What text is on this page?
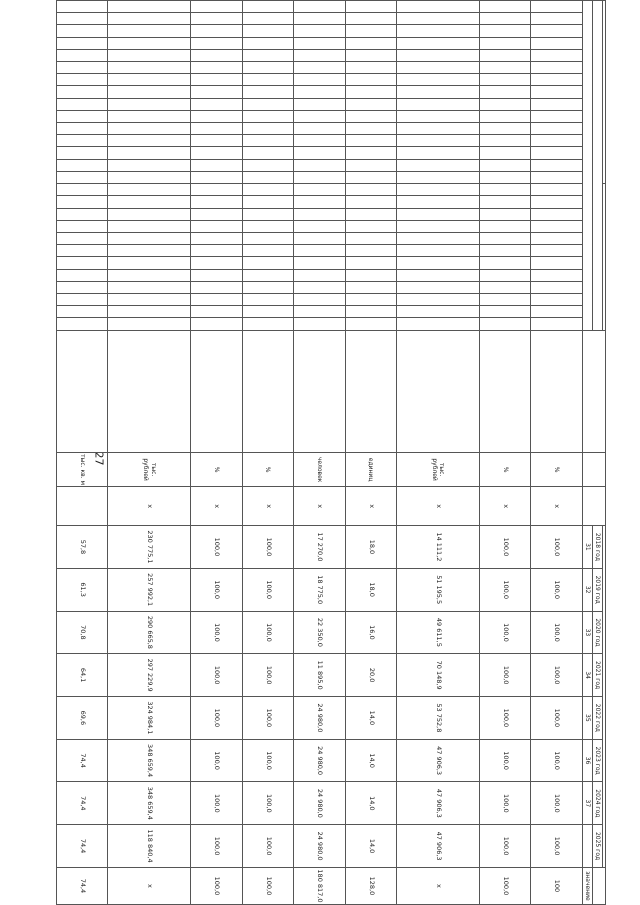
27

																														2018 год	2019 год	2020 год	2021 год	2022 год	2023 год	2024 год	2025 год	
																														31	32	33	34	35	36	37		значение
																												%	x	100,0	100,0	100,0	100,0	100,0	100,0	100,0	100,0	100
																												%	x	100,0	100,0	100,0	100,0	100,0	100,0	100,0	100,0	100,0
																												тыс. рублей	x	14 111,2	51 195,5	49 611,5	70 148,9	53 752,8	47 906,3	47 906,3	47 906,3	x
																												единиц	x	18,0	18,0	16,0	20,0	14,0	14,0	14,0	14,0	128,0
																												человек	x	17 270,0	18 775,0	22 350,0	11 895,0	24 980,0	24 980,0	24 980,0	24 980,0	180 817,0
																												%	x	100,0	100,0	100,0	100,0	100,0	100,0	100,0	100,0	100,0
																												%	x	100,0	100,0	100,0	100,0	100,0	100,0	100,0	100,0	100,0
																												тыс. рублей	x	230 775,1	257 992,1	290 665,8	297 229,9	324 984,1	348 659,4	348 659,4	118 840,4	x
																												тыс. кв. м		57,8	61,3	70,8	64,1	69,6	74,4	74,4	74,4	74,4
